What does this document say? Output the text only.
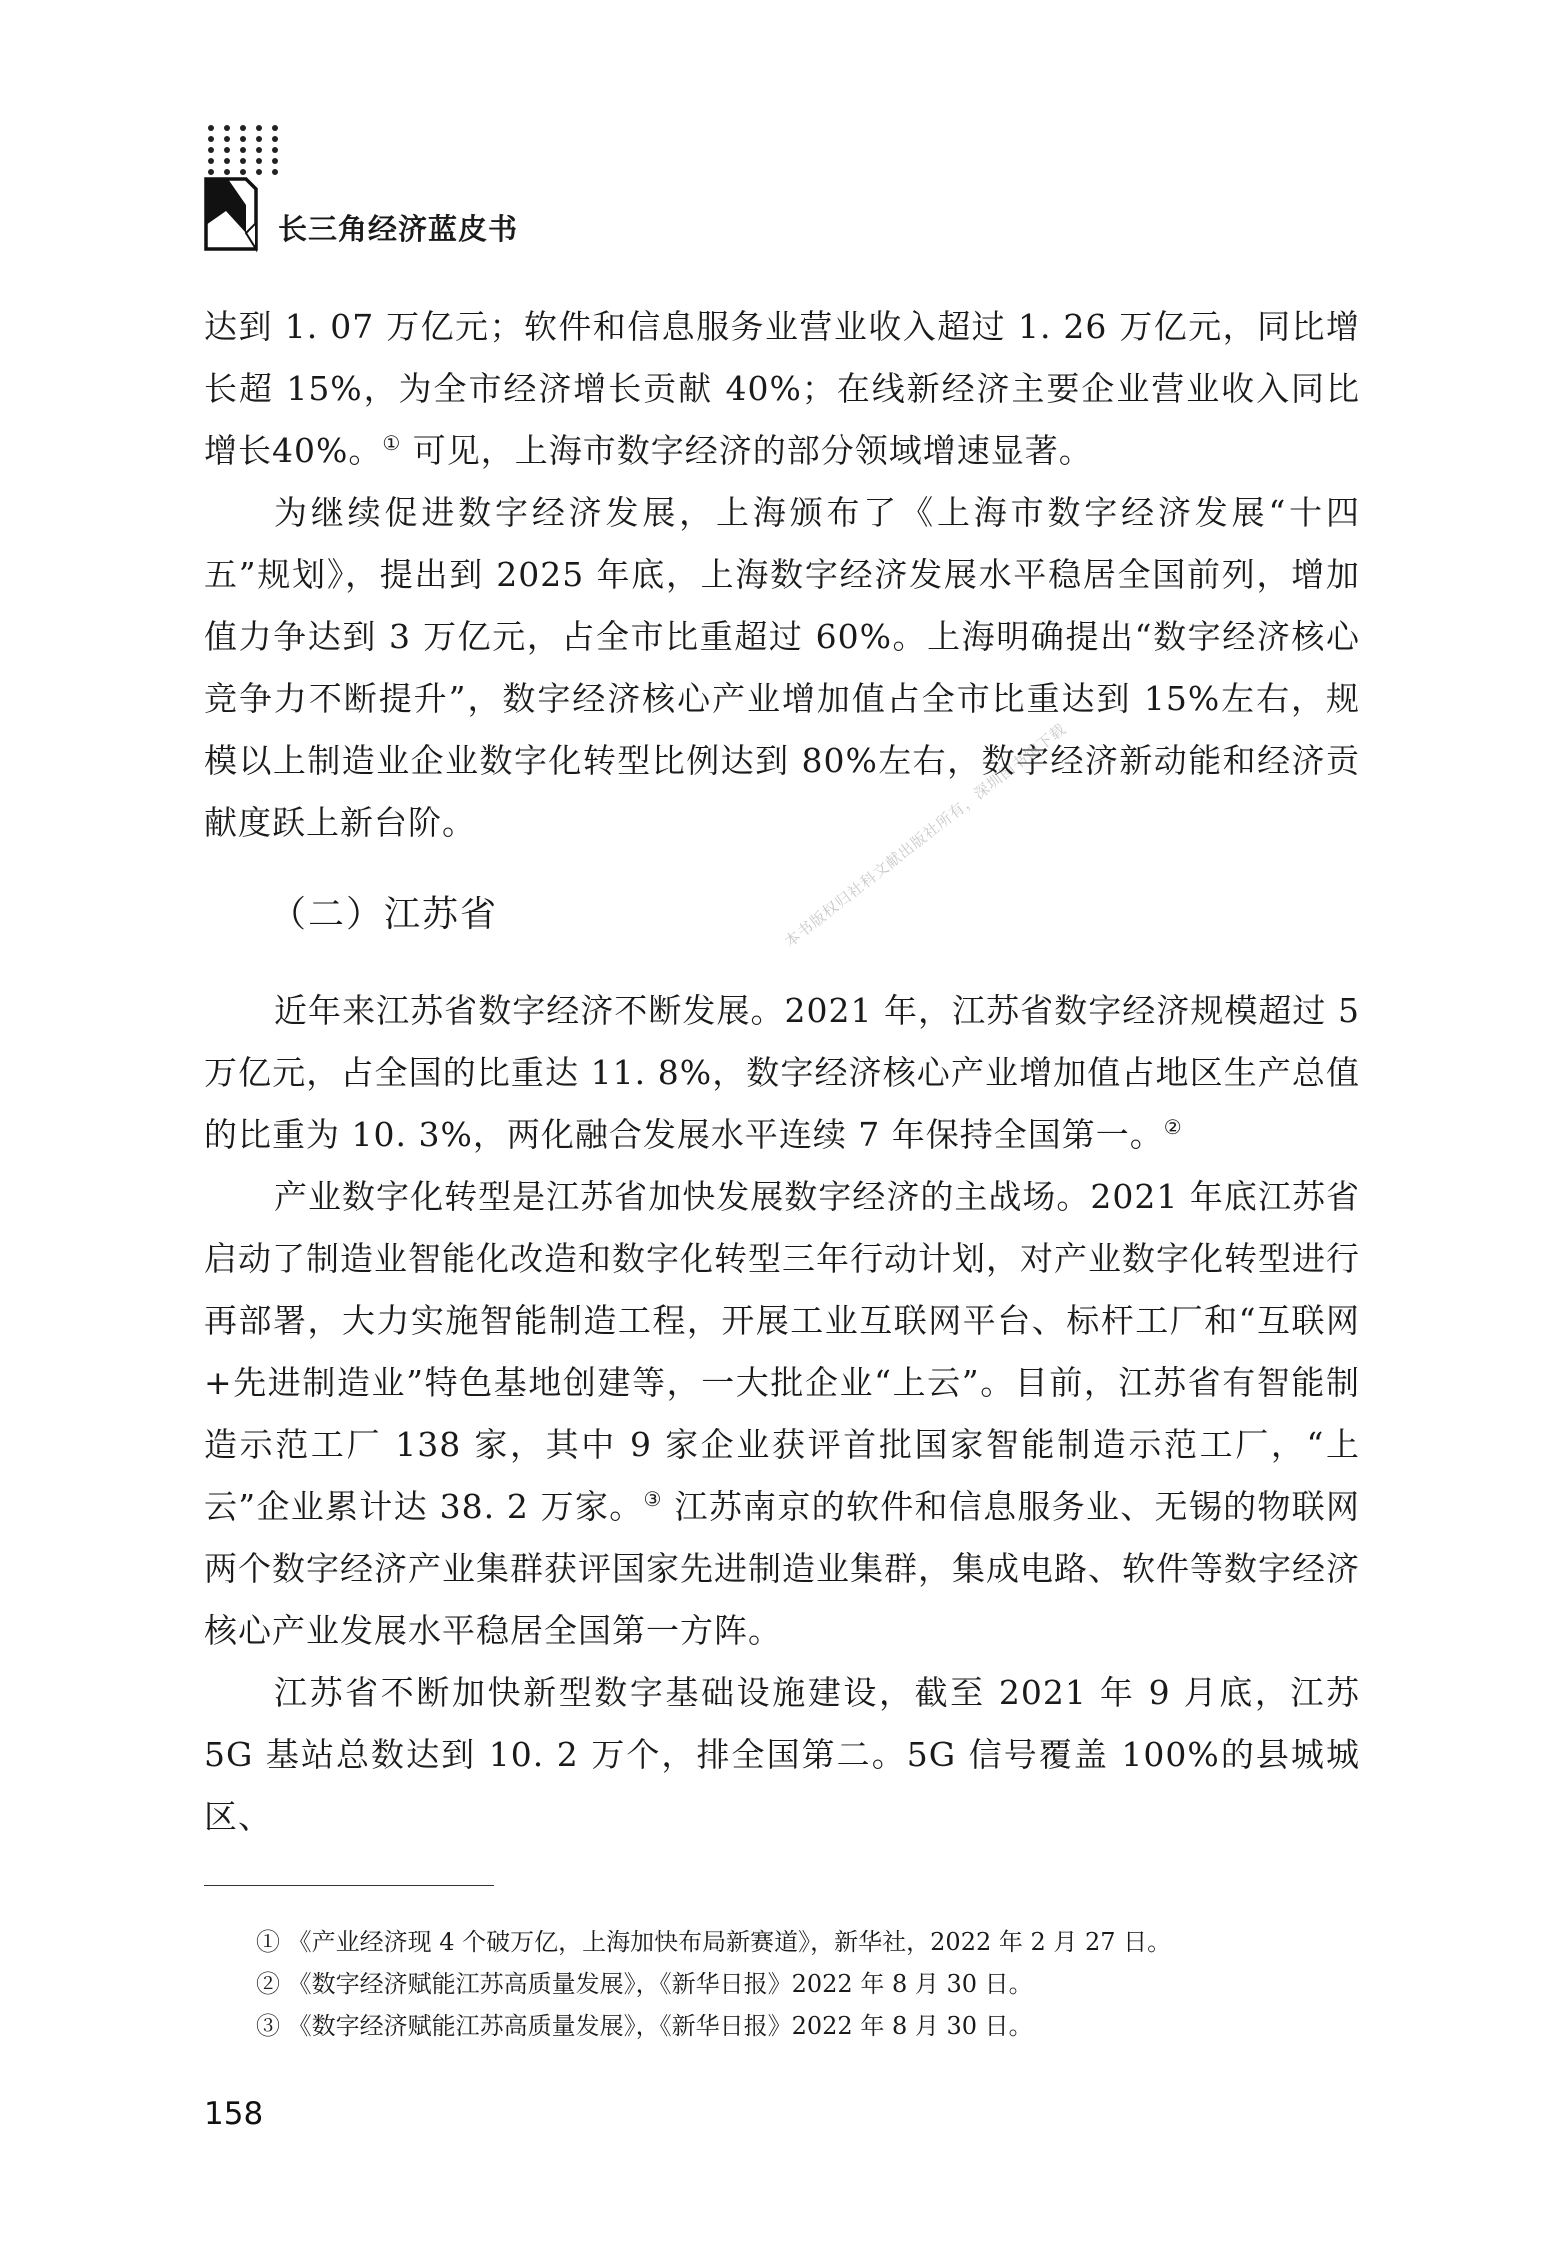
长三角经济蓝皮书
本书版权归社科文献出版社所有，深圳图书馆下载

达到 1. 07 万亿元；软件和信息服务业营业收入超过 1. 26 万亿元，同比增长超 15%，为全市经济增长贡献 40%；在线新经济主要企业营业收入同比增长40%。① 可见，上海市数字经济的部分领域增速显著。

为继续促进数字经济发展，上海颁布了《上海市数字经济发展“十四五”规划》，提出到 2025 年底，上海数字经济发展水平稳居全国前列，增加值力争达到 3 万亿元，占全市比重超过 60%。上海明确提出“数字经济核心竞争力不断提升”，数字经济核心产业增加值占全市比重达到 15%左右，规模以上制造业企业数字化转型比例达到 80%左右，数字经济新动能和经济贡献度跃上新台阶。

（二）江苏省

近年来江苏省数字经济不断发展。2021 年，江苏省数字经济规模超过 5 万亿元，占全国的比重达 11. 8%，数字经济核心产业增加值占地区生产总值的比重为 10. 3%，两化融合发展水平连续 7 年保持全国第一。②

产业数字化转型是江苏省加快发展数字经济的主战场。2021 年底江苏省启动了制造业智能化改造和数字化转型三年行动计划，对产业数字化转型进行再部署，大力实施智能制造工程，开展工业互联网平台、标杆工厂和“互联网+先进制造业”特色基地创建等，一大批企业“上云”。目前，江苏省有智能制造示范工厂 138 家，其中 9 家企业获评首批国家智能制造示范工厂，“上云”企业累计达 38. 2 万家。③ 江苏南京的软件和信息服务业、无锡的物联网两个数字经济产业集群获评国家先进制造业集群，集成电路、软件等数字经济核心产业发展水平稳居全国第一方阵。

江苏省不断加快新型数字基础设施建设，截至 2021 年 9 月底，江苏 5G 基站总数达到 10. 2 万个，排全国第二。5G 信号覆盖 100%的县城城区、

① 《产业经济现 4 个破万亿，上海加快布局新赛道》，新华社，2022 年 2 月 27 日。

② 《数字经济赋能江苏高质量发展》，《新华日报》2022 年 8 月 30 日。

③ 《数字经济赋能江苏高质量发展》，《新华日报》2022 年 8 月 30 日。

158
